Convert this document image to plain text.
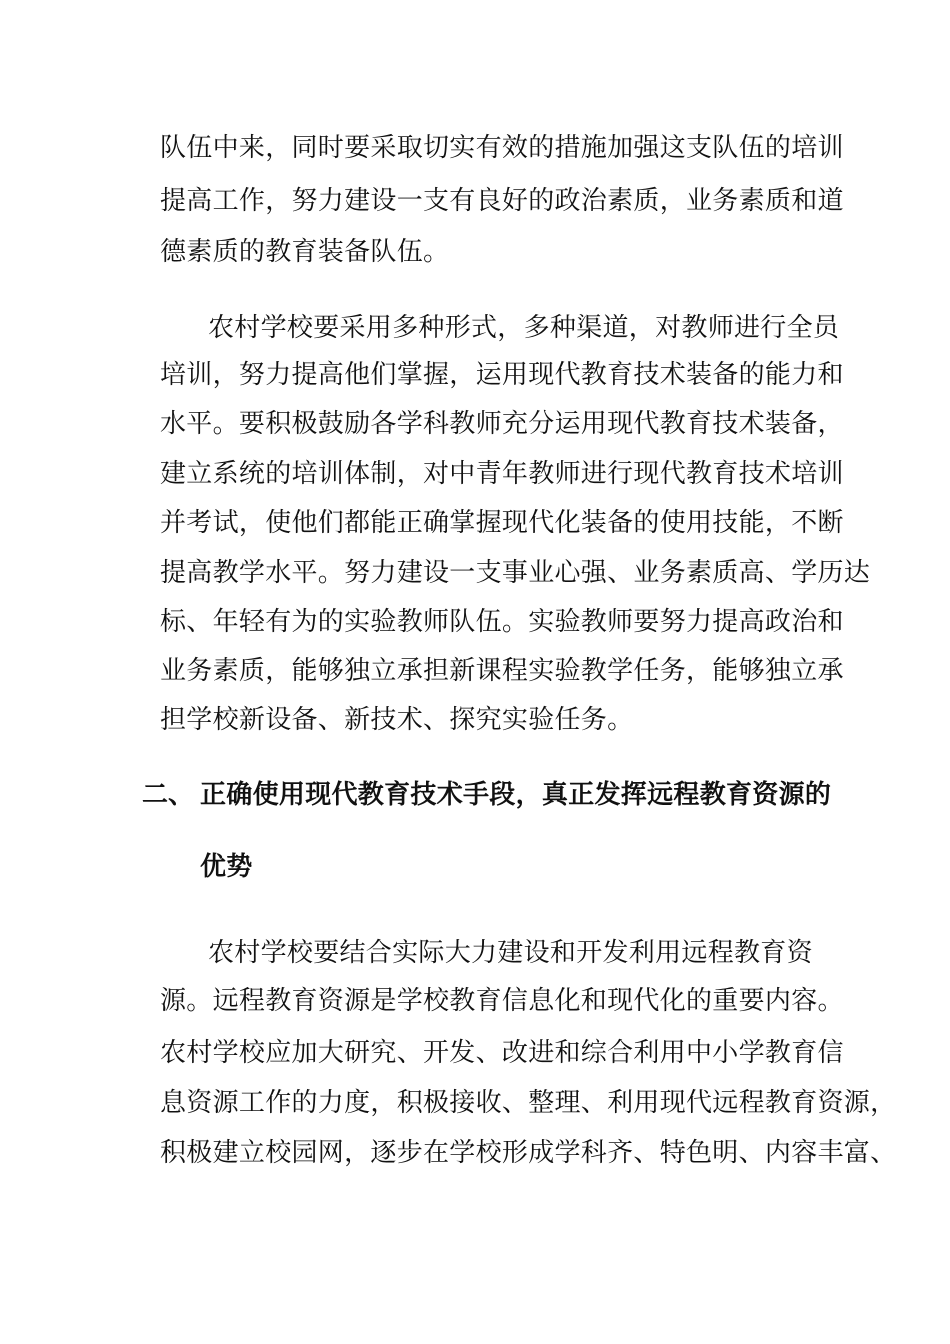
队伍中来，同时要采取切实有效的措施加强这支队伍的培训
提高工作，努力建设一支有良好的政治素质，业务素质和道
德素质的教育装备队伍。
农村学校要采用多种形式，多种渠道，对教师进行全员
培训，努力提高他们掌握，运用现代教育技术装备的能力和
水平。要积极鼓励各学科教师充分运用现代教育技术装备，
建立系统的培训体制，对中青年教师进行现代教育技术培训
并考试，使他们都能正确掌握现代化装备的使用技能，不断
提高教学水平。努力建设一支事业心强、业务素质高、学历达
标、年轻有为的实验教师队伍。实验教师要努力提高政治和
业务素质，能够独立承担新课程实验教学任务，能够独立承
担学校新设备、新技术、探究实验任务。
二、 正确使用现代教育技术手段，真正发挥远程教育资源的
优势
农村学校要结合实际大力建设和开发利用远程教育资
源。远程教育资源是学校教育信息化和现代化的重要内容。
农村学校应加大研究、开发、改进和综合利用中小学教育信
息资源工作的力度，积极接收、整理、利用现代远程教育资源，
积极建立校园网，逐步在学校形成学科齐、特色明、内容丰富、
